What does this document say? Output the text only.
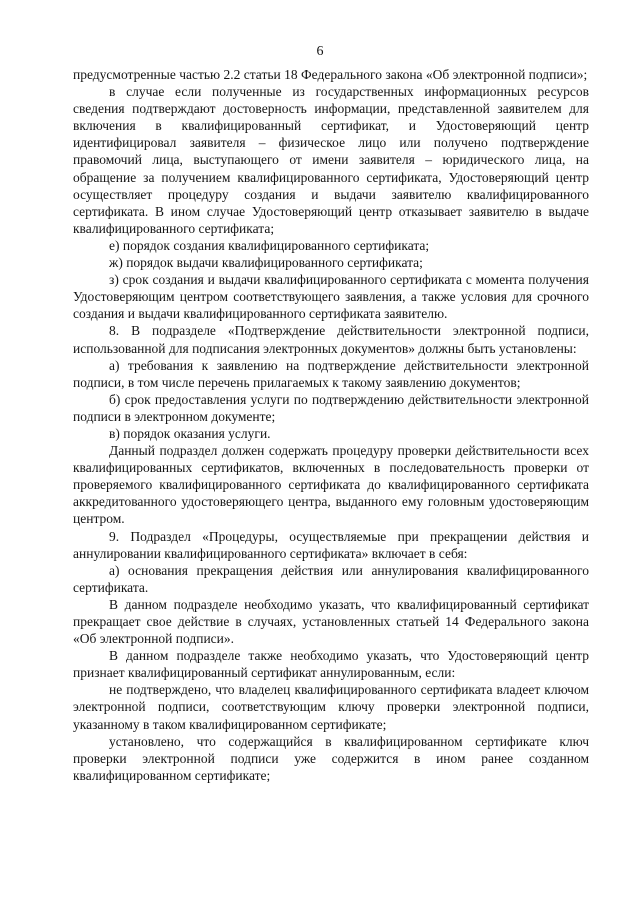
6

предусмотренные частью 2.2 статьи 18 Федерального закона «Об электронной подписи»;

в случае если полученные из государственных информационных ресурсов сведения подтверждают достоверность информации, представленной заявителем для включения в квалифицированный сертификат, и Удостоверяющий центр идентифицировал заявителя – физическое лицо или получено подтверждение правомочий лица, выступающего от имени заявителя – юридического лица, на обращение за получением квалифицированного сертификата, Удостоверяющий центр осуществляет процедуру создания и выдачи заявителю квалифицированного сертификата. В ином случае Удостоверяющий центр отказывает заявителю в выдаче квалифицированного сертификата;

е) порядок создания квалифицированного сертификата;

ж) порядок выдачи квалифицированного сертификата;

з) срок создания и выдачи квалифицированного сертификата с момента получения Удостоверяющим центром соответствующего заявления, а также условия для срочного создания и выдачи квалифицированного сертификата заявителю.

8. В подразделе «Подтверждение действительности электронной подписи, использованной для подписания электронных документов» должны быть установлены:

а) требования к заявлению на подтверждение действительности электронной подписи, в том числе перечень прилагаемых к такому заявлению документов;

б) срок предоставления услуги по подтверждению действительности электронной подписи в электронном документе;

в) порядок оказания услуги.

Данный подраздел должен содержать процедуру проверки действительности всех квалифицированных сертификатов, включенных в последовательность проверки от проверяемого квалифицированного сертификата до квалифицированного сертификата аккредитованного удостоверяющего центра, выданного ему головным удостоверяющим центром.

9. Подраздел «Процедуры, осуществляемые при прекращении действия и аннулировании квалифицированного сертификата» включает в себя:

а) основания прекращения действия или аннулирования квалифицированного сертификата.

В данном подразделе необходимо указать, что квалифицированный сертификат прекращает свое действие в случаях, установленных статьей 14 Федерального закона «Об электронной подписи».

В данном подразделе также необходимо указать, что Удостоверяющий центр признает квалифицированный сертификат аннулированным, если:

не подтверждено, что владелец квалифицированного сертификата владеет ключом электронной подписи, соответствующим ключу проверки электронной подписи, указанному в таком квалифицированном сертификате;

установлено, что содержащийся в квалифицированном сертификате ключ проверки электронной подписи уже содержится в ином ранее созданном квалифицированном сертификате;
